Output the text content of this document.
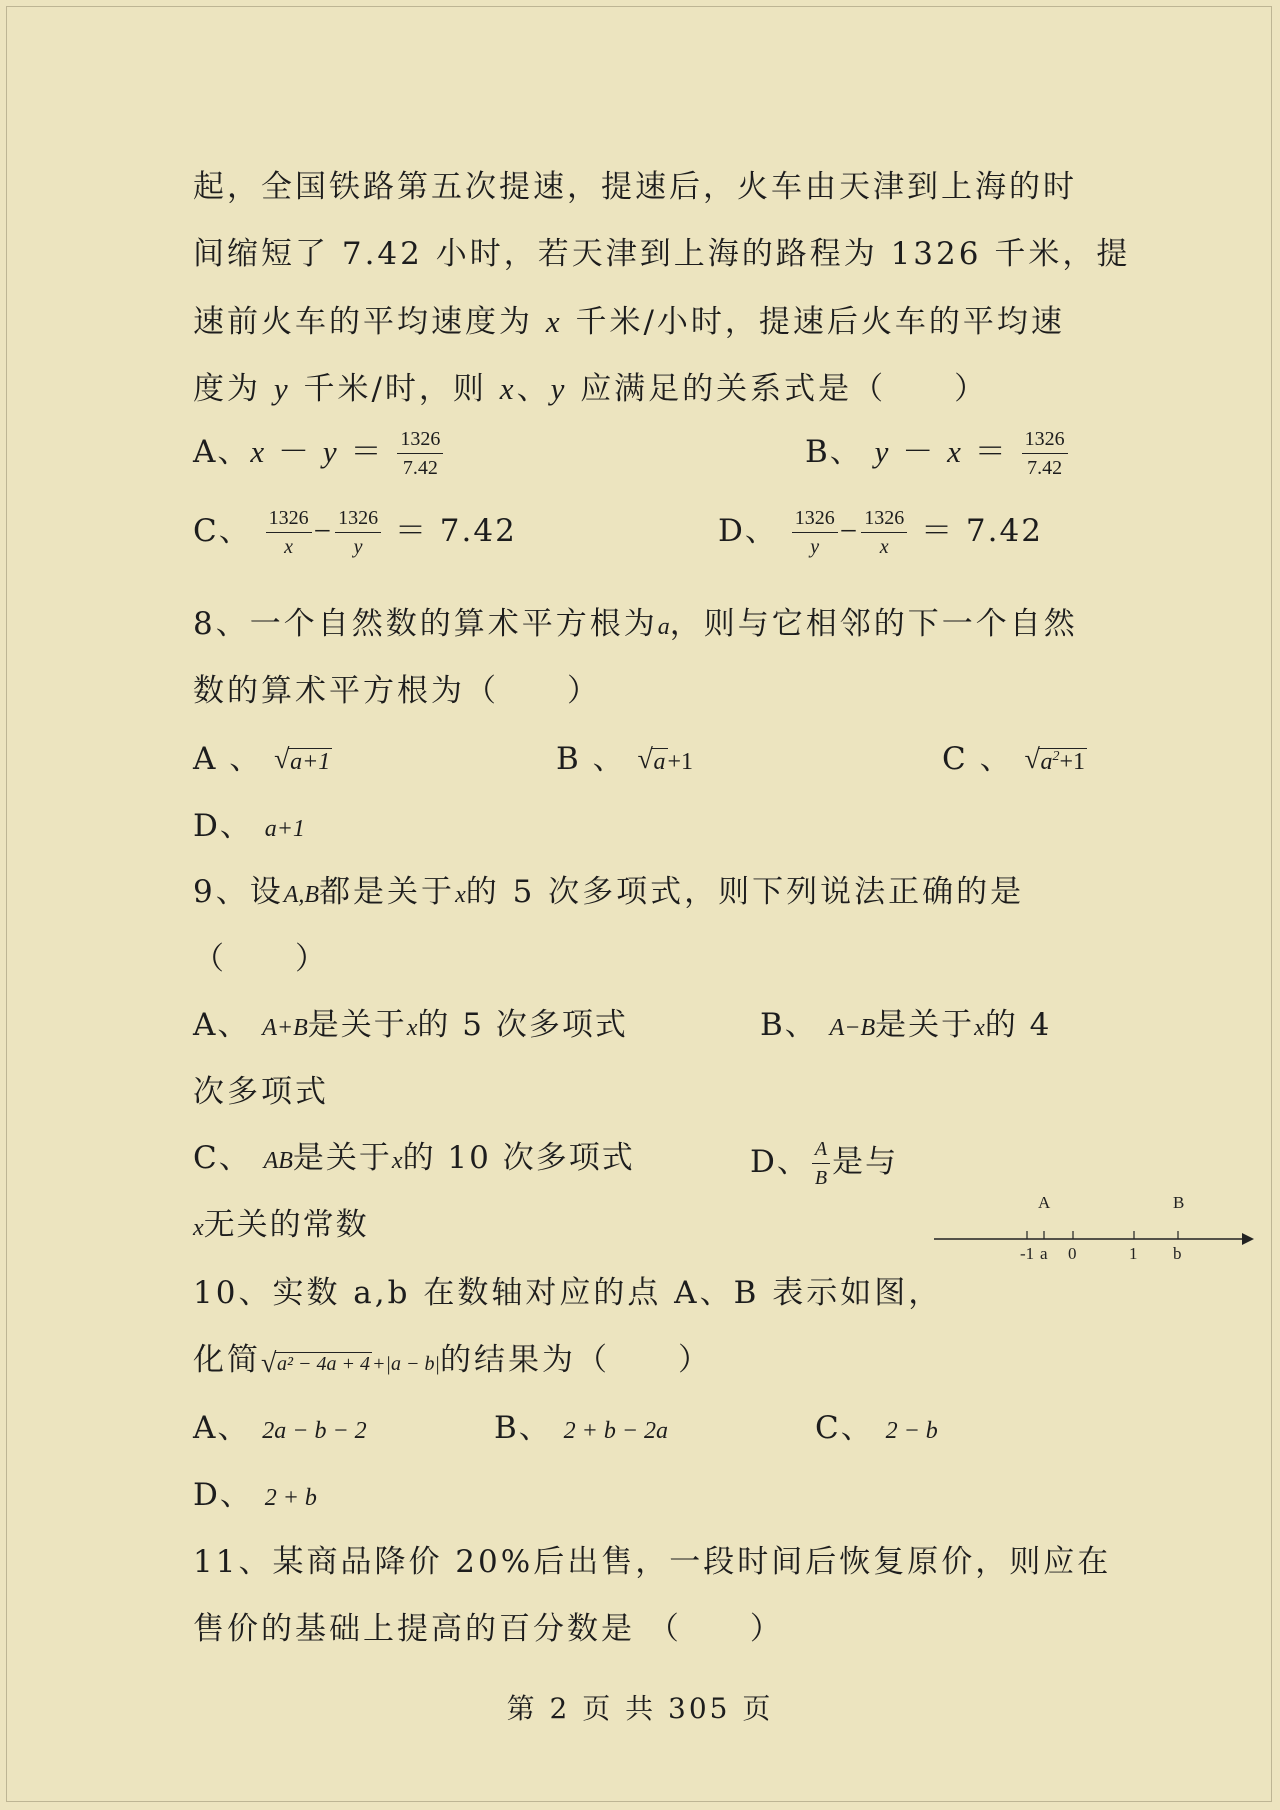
起，全国铁路第五次提速，提速后，火车由天津到上海的时
间缩短了 7.42 小时，若天津到上海的路程为 1326 千米，提
速前火车的平均速度为 x 千米/小时，提速后火车的平均速
度为 y 千米/时，则 x、y 应满足的关系式是（　　）
A、$x - y = \frac{1326}{7.42}$	B、 $y - x = \frac{1326}{7.42}$
C、 $\frac{1326}{x} - \frac{1326}{y} = 7.42$	D、 $\frac{1326}{y} - \frac{1326}{x} = 7.42$
8、一个自然数的算术平方根为a，则与它相邻的下一个自然
数的算术平方根为（　　）
A 、 √ a+1	B 、 √ a+1	C 、 √ $a^2+1$
D、 a+1
9、设A,B都是关于x的 5 次多项式，则下列说法正确的是
（　　）
A、 A+B是关于x的 5 次多项式	B、 A−B是关于x的 4
次多项式
C、 AB是关于x的 10 次多项式	D、 $\frac{A}{B}$ 是与
x无关的常数
A	B
-1 a 0	1 b
10、实数 a,b 在数轴对应的点 A、B 表示如图，
化简 √ a² − 4a + 4 +|a − b|的结果为（　　）
A、 2a − b − 2	B、 2 + b − 2a	C、 2 − b
D、 2 + b
11、某商品降价 20%后出售，一段时间后恢复原价，则应在
售价的基础上提高的百分数是 （　　）
第 2 页 共 305 页
